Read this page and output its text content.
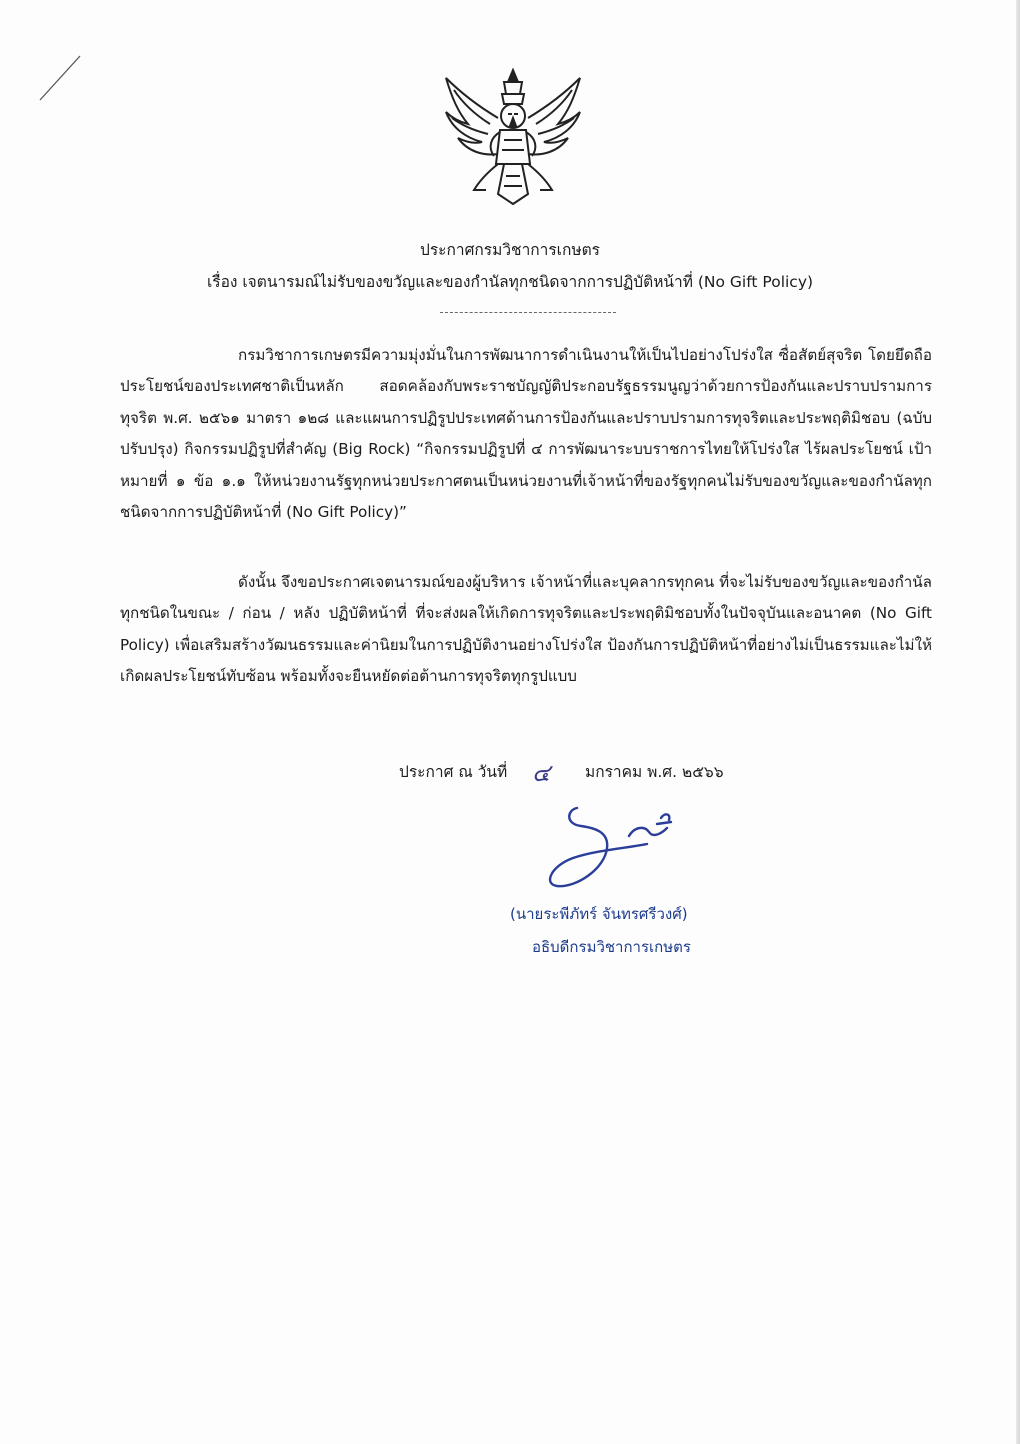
ประกาศกรมวิชาการเกษตร
เรื่อง เจตนารมณ์ไม่รับของขวัญและของกำนัลทุกชนิดจากการปฏิบัติหน้าที่ (No Gift Policy)
กรมวิชาการเกษตรมีความมุ่งมั่นในการพัฒนาการดำเนินงานให้เป็นไปอย่างโปร่งใส ซื่อสัตย์สุจริต โดยยึดถือประโยชน์ของประเทศชาติเป็นหลัก สอดคล้องกับพระราชบัญญัติประกอบรัฐธรรมนูญว่าด้วยการป้องกันและปราบปรามการทุจริต พ.ศ. ๒๕๖๑ มาตรา ๑๒๘ และแผนการปฏิรูปประเทศด้านการป้องกันและปราบปรามการทุจริตและประพฤติมิชอบ (ฉบับปรับปรุง) กิจกรรมปฏิรูปที่สำคัญ (Big Rock) “กิจกรรมปฏิรูปที่ ๔ การพัฒนาระบบราชการไทยให้โปร่งใส ไร้ผลประโยชน์ เป้าหมายที่ ๑ ข้อ ๑.๑ ให้หน่วยงานรัฐทุกหน่วยประกาศตนเป็นหน่วยงานที่เจ้าหน้าที่ของรัฐทุกคนไม่รับของขวัญและของกำนัลทุกชนิดจากการปฏิบัติหน้าที่ (No Gift Policy)”
ดังนั้น จึงขอประกาศเจตนารมณ์ของผู้บริหาร เจ้าหน้าที่และบุคลากรทุกคน ที่จะไม่รับของขวัญและของกำนัลทุกชนิดในขณะ / ก่อน / หลัง ปฏิบัติหน้าที่ ที่จะส่งผลให้เกิดการทุจริตและประพฤติมิชอบทั้งในปัจจุบันและอนาคต (No Gift Policy) เพื่อเสริมสร้างวัฒนธรรมและค่านิยมในการปฏิบัติงานอย่างโปร่งใส ป้องกันการปฏิบัติหน้าที่อย่างไม่เป็นธรรมและไม่ให้เกิดผลประโยชน์ทับซ้อน พร้อมทั้งจะยืนหยัดต่อต้านการทุจริตทุกรูปแบบ
ประกาศ ณ วันที่ ๔ มกราคม พ.ศ. ๒๕๖๖
(นายระพีภัทร์ จันทรศรีวงศ์)
อธิบดีกรมวิชาการเกษตร
